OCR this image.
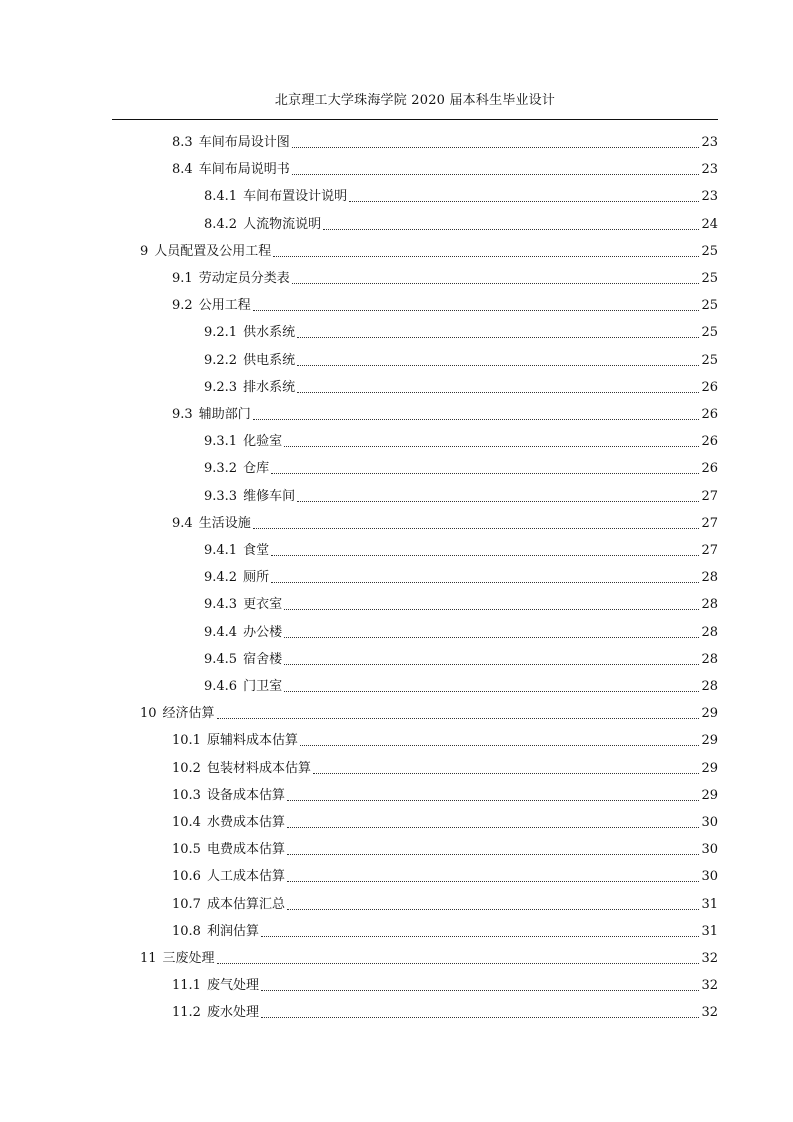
北京理工大学珠海学院 2020 届本科生毕业设计
8.3 车间布局设计图	23
8.4 车间布局说明书	23
8.4.1 车间布置设计说明	23
8.4.2 人流物流说明	24
9 人员配置及公用工程	25
9.1 劳动定员分类表	25
9.2 公用工程	25
9.2.1 供水系统	25
9.2.2 供电系统	25
9.2.3 排水系统	26
9.3 辅助部门	26
9.3.1 化验室	26
9.3.2 仓库	26
9.3.3 维修车间	27
9.4 生活设施	27
9.4.1 食堂	27
9.4.2 厕所	28
9.4.3 更衣室	28
9.4.4 办公楼	28
9.4.5 宿舍楼	28
9.4.6 门卫室	28
10 经济估算	29
10.1 原辅料成本估算	29
10.2 包装材料成本估算	29
10.3 设备成本估算	29
10.4 水费成本估算	30
10.5 电费成本估算	30
10.6 人工成本估算	30
10.7 成本估算汇总	31
10.8 利润估算	31
11 三废处理	32
11.1 废气处理	32
11.2 废水处理	32
